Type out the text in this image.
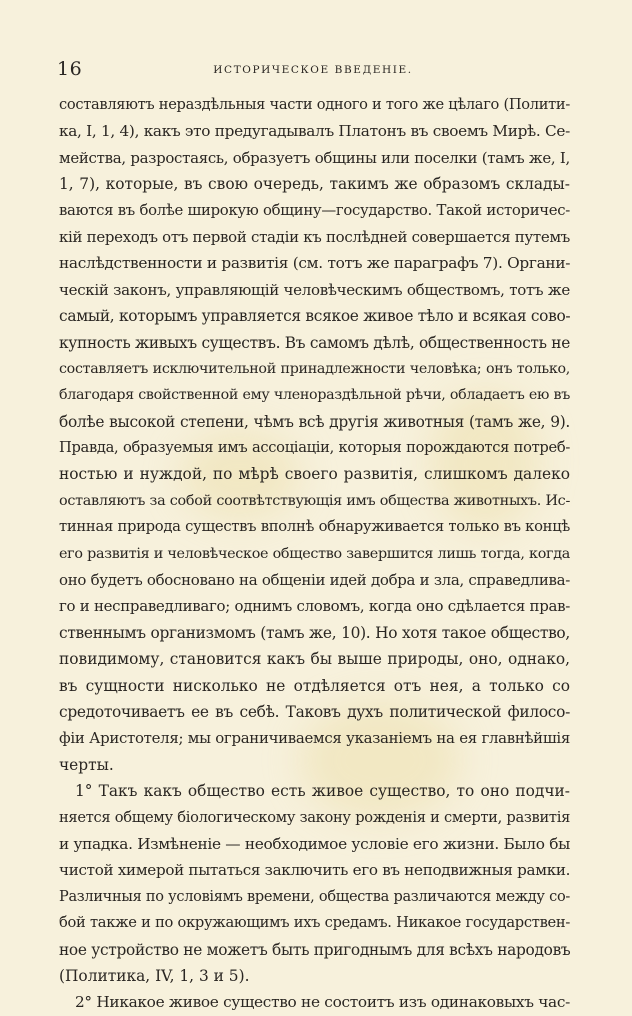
16	ИСТОРИЧЕСКОЕ ВВЕДЕНІЕ.
составляютъ нераздѣльныя части одного и того же цѣлаго (Полити-
ка, I, 1, 4), какъ это предугадывалъ Платонъ въ своемъ Мирѣ. Се-
мейства, разростаясь, образуетъ общины или поселки (тамъ же, I,
1, 7), которые, въ свою очередь, такимъ же образомъ склады-
ваются въ болѣе широкую общину—государство. Такой историчес-
кій переходъ отъ первой стадіи къ послѣдней совершается путемъ
наслѣдственности и развитія (см. тотъ же параграфъ 7). Органи-
ческій законъ, управляющій человѣческимъ обществомъ, тотъ же
самый, которымъ управляется всякое живое тѣло и всякая сово-
купность живыхъ существъ. Въ самомъ дѣлѣ, общественность не
составляетъ исключительной принадлежности человѣка; онъ только,
благодаря свойственной ему членораздѣльной рѣчи, обладаетъ ею въ
болѣе высокой степени, чѣмъ всѣ другія животныя (тамъ же, 9).
Правда, образуемыя имъ ассоціаціи, которыя порождаются потреб-
ностью и нуждой, по мѣрѣ своего развитія, слишкомъ далеко
оставляютъ за собой соотвѣтствующія имъ общества животныхъ. Ис-
тинная природа существъ вполнѣ обнаруживается только въ концѣ
его развитія и человѣческое общество завершится лишь тогда, когда
оно будетъ обосновано на общеніи идей добра и зла, справедлива-
го и несправедливаго; однимъ словомъ, когда оно сдѣлается прав-
ственнымъ организмомъ (тамъ же, 10). Но хотя такое общество,
повидимому, становится какъ бы выше природы, оно, однако,
въ сущности нисколько не отдѣляется отъ нея, а только со
средоточиваетъ ее въ себѣ. Таковъ духъ политической филосо-
фіи Аристотеля; мы ограничиваемся указаніемъ на ея главнѣйшія
черты.
1° Такъ какъ общество есть живое существо, то оно подчи-
няется общему біологическому закону рожденія и смерти, развитія
и упадка. Измѣненіе — необходимое условіе его жизни. Было бы
чистой химерой пытаться заключить его въ неподвижныя рамки.
Различныя по условіямъ времени, общества различаются между со-
бой также и по окружающимъ ихъ средамъ. Никакое государствен-
ное устройство не можетъ быть пригоднымъ для всѣхъ народовъ
(Политика, IV, 1, 3 и 5).
2° Никакое живое существо не состоитъ изъ одинаковыхъ час-
